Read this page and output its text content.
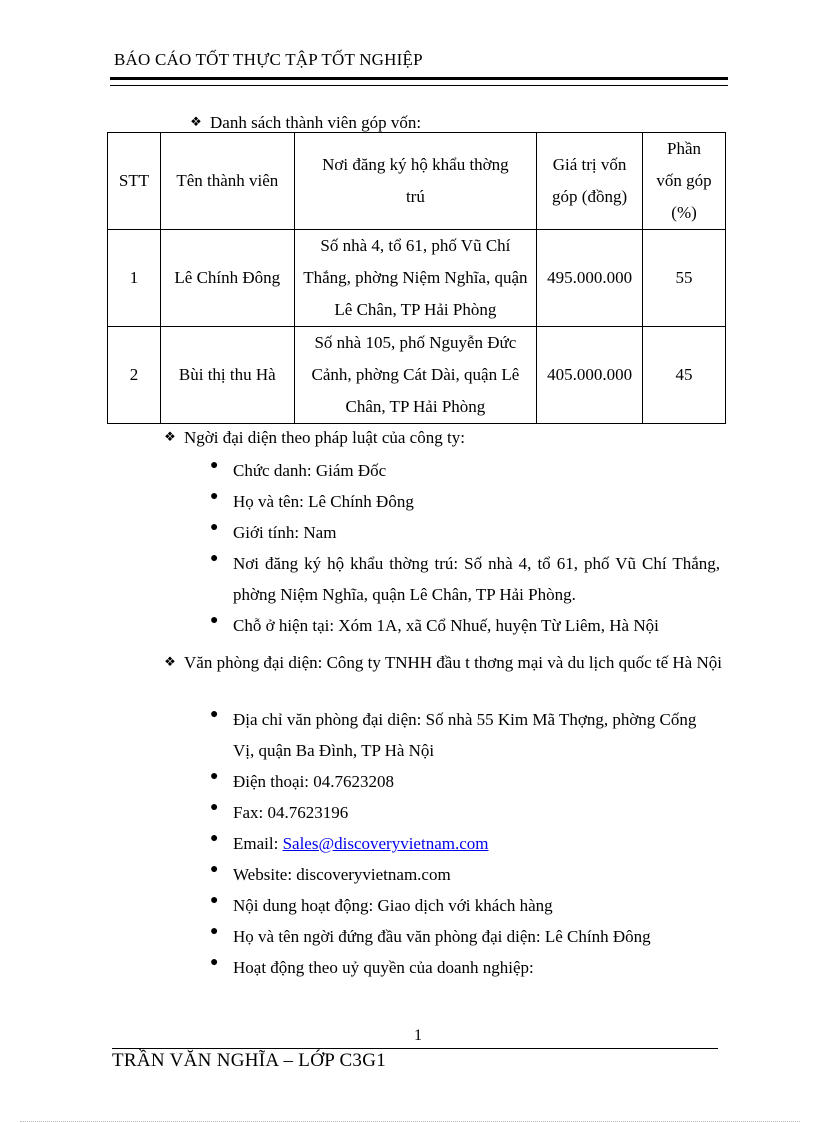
BÁO CÁO TỐT THỰC TẬP TỐT NGHIỆP
❖ Danh sách thành viên góp vốn:
STT	Tên thành viên	Nơi đăng ký hộ khẩu thờng trú	Giá trị vốn góp (đồng)	Phần vốn góp (%)

1	Lê Chính Đông	Số nhà 4, tổ 61, phố Vũ Chí Thắng, phờng Niệm Nghĩa, quận Lê Chân, TP Hải Phòng	495.000.000	55
2	Bùi thị thu Hà	Số nhà 105, phố Nguyễn Đức Cảnh, phờng Cát Dài, quận Lê Chân, TP Hải Phòng	405.000.000	45
❖ Ngời đại diện theo pháp luật của công ty:
● Chức danh: Giám Đốc
● Họ và tên: Lê Chính Đông
● Giới tính: Nam
● Nơi đăng ký hộ khẩu thờng trú: Số nhà 4, tổ 61, phố Vũ Chí Thắng, phờng Niệm Nghĩa, quận Lê Chân, TP Hải Phòng.
● Chỗ ở hiện tại: Xóm 1A, xã Cổ Nhuế, huyện Từ Liêm, Hà Nội
❖ Văn phòng đại diện: Công ty TNHH đầu t thơng mại và du lịch quốc tế Hà Nội
● Địa chỉ văn phòng đại diện: Số nhà 55 Kim Mã Thợng, phờng Cống Vị, quận Ba Đình, TP Hà Nội
● Điện thoại: 04.7623208
● Fax: 04.7623196
● Email: Sales@discoveryvietnam.com
● Website: discoveryvietnam.com
● Nội dung hoạt động: Giao dịch với khách hàng
● Họ và tên ngời đứng đầu văn phòng đại diện: Lê Chính Đông
● Hoạt động theo uỷ quyền của doanh nghiệp:
1
TRẦN VĂN NGHĨA – LỚP C3G1
